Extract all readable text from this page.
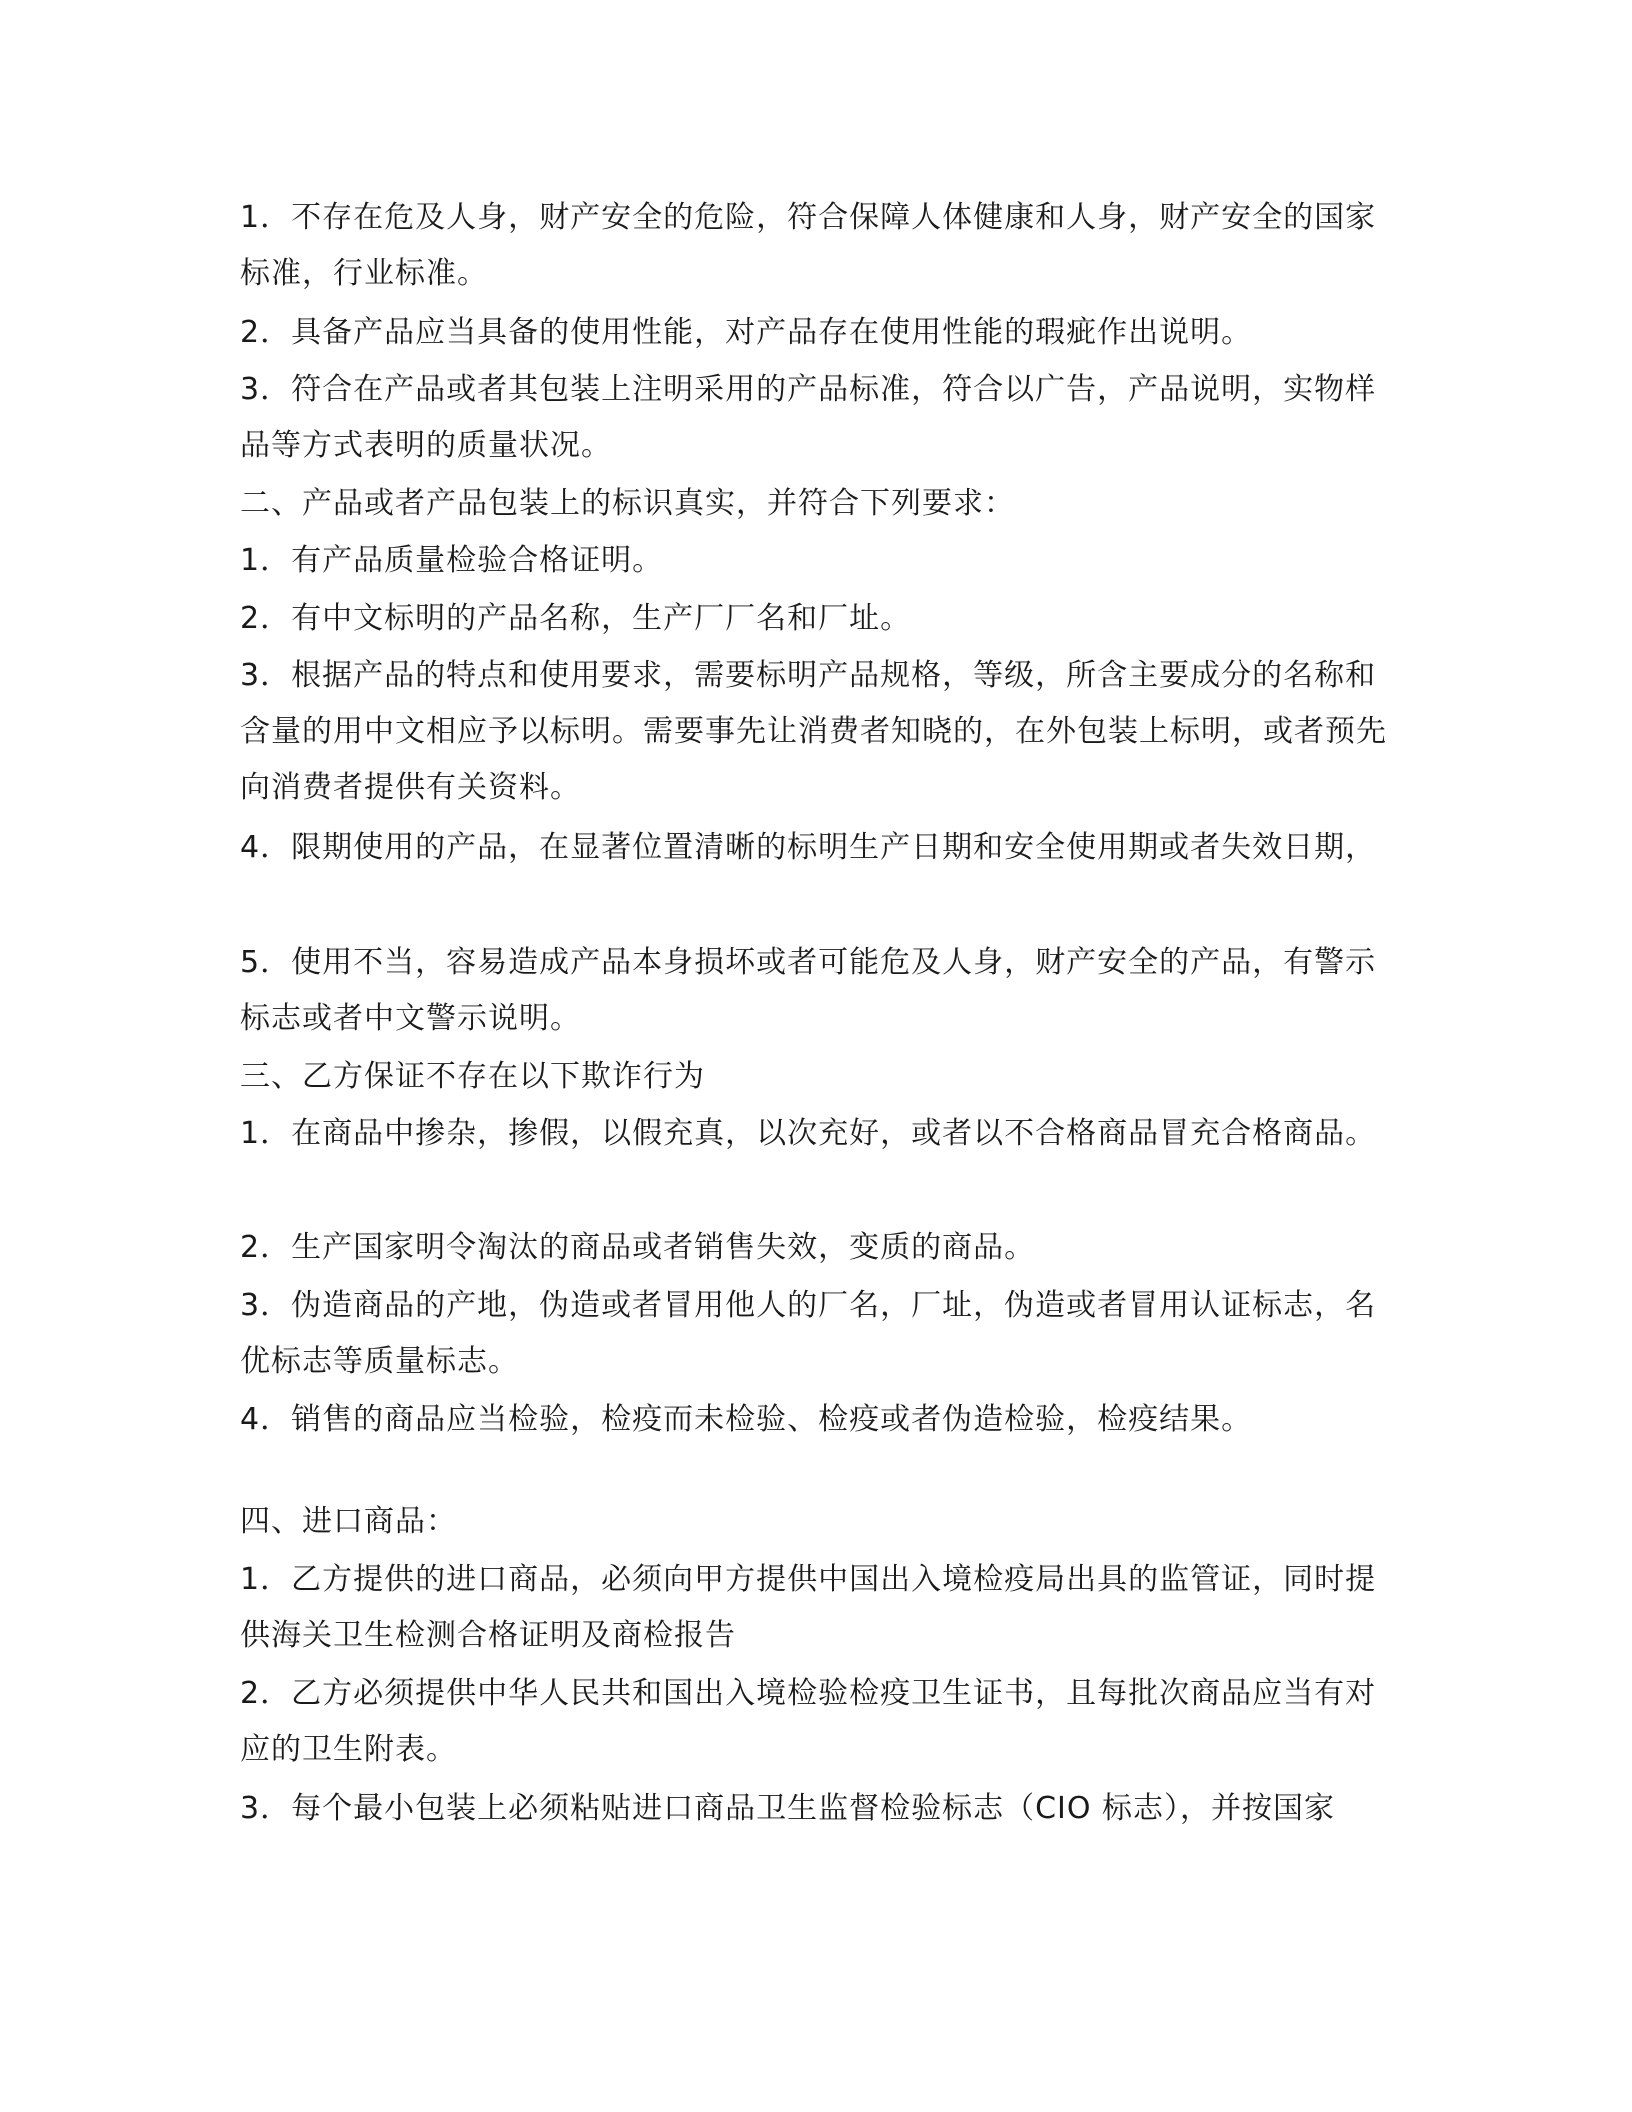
1．不存在危及人身，财产安全的危险，符合保障人体健康和人身，财产安全的国家标准，行业标准。

2．具备产品应当具备的使用性能，对产品存在使用性能的瑕疵作出说明。

3．符合在产品或者其包装上注明采用的产品标准，符合以广告，产品说明，实物样品等方式表明的质量状况。

二、产品或者产品包装上的标识真实，并符合下列要求：

1．有产品质量检验合格证明。

2．有中文标明的产品名称，生产厂厂名和厂址。

3．根据产品的特点和使用要求，需要标明产品规格，等级，所含主要成分的名称和含量的用中文相应予以标明。需要事先让消费者知晓的，在外包装上标明，或者预先向消费者提供有关资料。

4．限期使用的产品，在显著位置清晰的标明生产日期和安全使用期或者失效日期，

5．使用不当，容易造成产品本身损坏或者可能危及人身，财产安全的产品，有警示标志或者中文警示说明。

三、乙方保证不存在以下欺诈行为

1．在商品中掺杂，掺假，以假充真，以次充好，或者以不合格商品冒充合格商品。

2．生产国家明令淘汰的商品或者销售失效，变质的商品。

3．伪造商品的产地，伪造或者冒用他人的厂名，厂址，伪造或者冒用认证标志，名优标志等质量标志。

4．销售的商品应当检验，检疫而未检验、检疫或者伪造检验，检疫结果。

四、进口商品：

1．乙方提供的进口商品，必须向甲方提供中国出入境检疫局出具的监管证，同时提供海关卫生检测合格证明及商检报告

2．乙方必须提供中华人民共和国出入境检验检疫卫生证书，且每批次商品应当有对应的卫生附表。

3．每个最小包装上必须粘贴进口商品卫生监督检验标志（CIO 标志），并按国家
